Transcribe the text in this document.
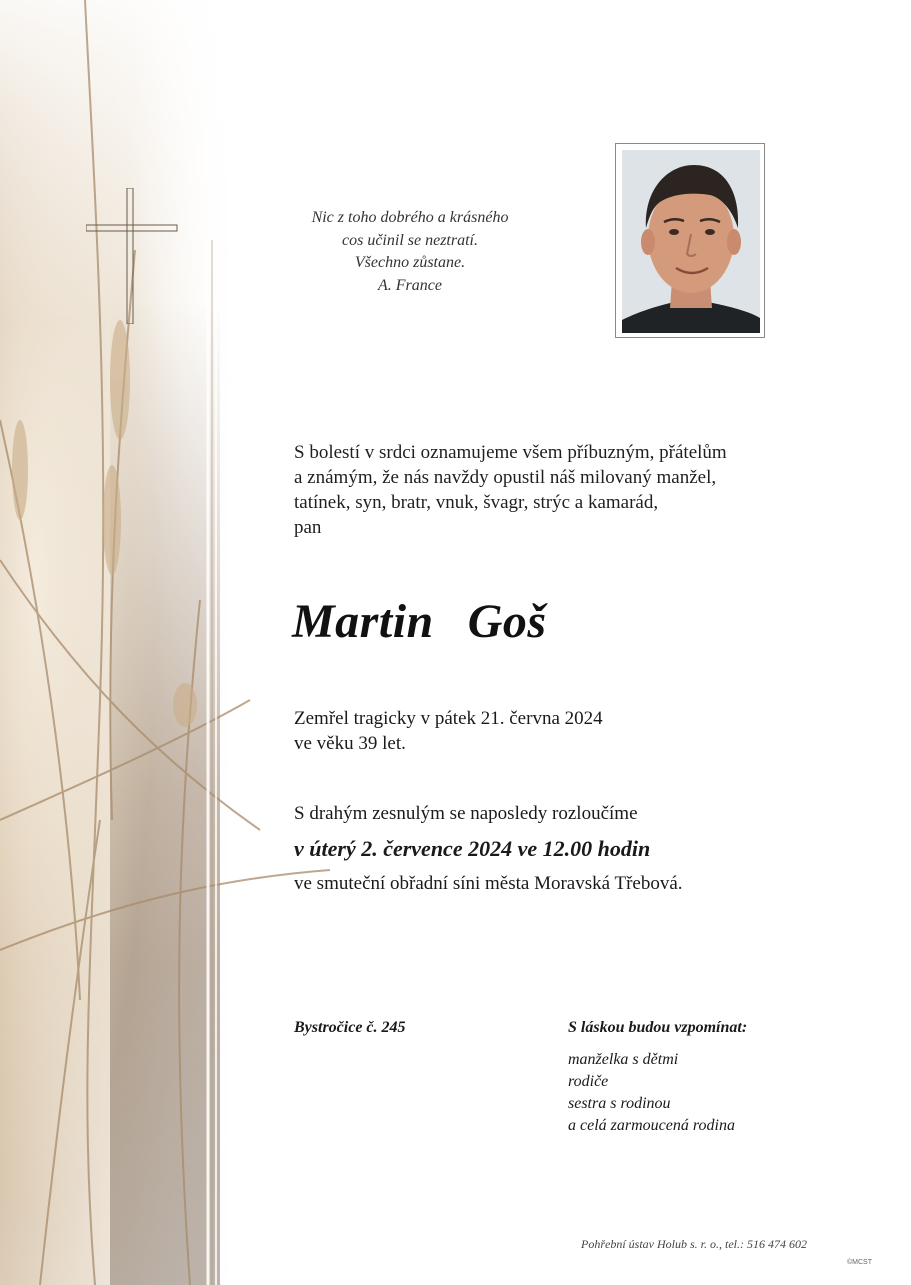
Nic z toho dobrého a krásného
cos učinil se neztratí.
Všechno zůstane.
A. France
S bolestí v srdci oznamujeme všem příbuzným, přátelům
a známým, že nás navždy opustil náš milovaný manžel,
tatínek, syn, bratr, vnuk, švagr, strýc a kamarád,
pan
Martin Goš
Zemřel tragicky v pátek 21. června 2024
ve věku 39 let.
S drahým zesnulým se naposledy rozloučíme
v úterý 2. července 2024 ve 12.00 hodin
ve smuteční obřadní síni města Moravská Třebová.
Bystročice č. 245	S láskou budou vzpomínat:
manželka s dětmi
rodiče
sestra s rodinou
a celá zarmoucená rodina
Pohřební ústav Holub s. r. o., tel.: 516 474 602
©MCST
